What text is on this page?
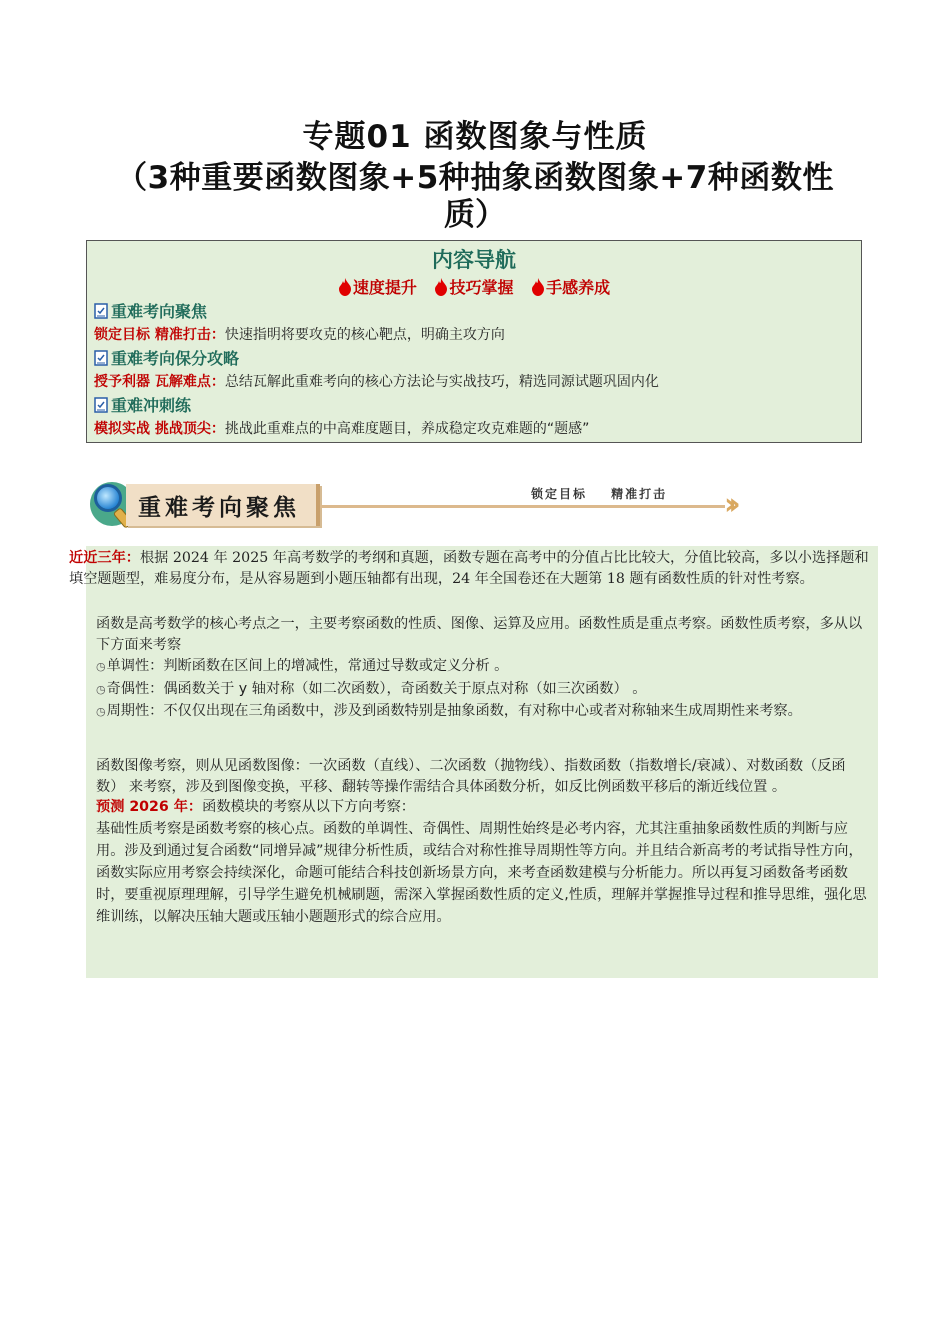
专题01 函数图象与性质
（3种重要函数图象+5种抽象函数图象+7种函数性
质）
内容导航
速度提升 技巧掌握 手感养成
重难考向聚焦
锁定目标 精准打击：快速指明将要攻克的核心靶点，明确主攻方向
重难考向保分攻略
授予利器 瓦解难点：总结瓦解此重难考向的核心方法论与实战技巧，精选同源试题巩固内化
重难冲刺练
模拟实战 挑战顶尖：挑战此重难点的中高难度题目，养成稳定攻克难题的“题感”
重难考向聚焦	锁定目标 精准打击 ››
近近三年：根据 2024 年 2025 年高考数学的考纲和真题，函数专题在高考中的分值占比比较大，分值比较高，多以小选择题和填空题题型，难易度分布，是从容易题到小题压轴都有出现，24 年全国卷还在大题第 18 题有函数性质的针对性考察。
函数是高考数学的核心考点之一，主要考察函数的性质、图像、运算及应用。函数性质是重点考察。函数性质考察，多从以下方面来考察
◷单调性：判断函数在区间上的增减性，常通过导数或定义分析 。
◷奇偶性：偶函数关于 y 轴对称（如二次函数），奇函数关于原点对称（如三次函数） 。
◷周期性：不仅仅出现在三角函数中，涉及到函数特别是抽象函数，有对称中心或者对称轴来生成周期性来考察。
函数图像考察，则从见函数图像：一次函数（直线）、二次函数（抛物线）、指数函数（指数增长/衰减）、对数函数（反函数） 来考察，涉及到图像变换，平移、翻转等操作需结合具体函数分析，如反比例函数平移后的渐近线位置 。
预测 2026 年：函数模块的考察从以下方向考察：
基础性质考察是函数考察的核心点。函数的单调性、奇偶性、周期性始终是必考内容，尤其注重抽象函数性质的判断与应用。涉及到通过复合函数“同增异减”规律分析性质，或结合对称性推导周期性等方向。并且结合新高考的考试指导性方向，函数实际应用考察会持续深化，命题可能结合科技创新场景方向，来考查函数建模与分析能力。所以再复习函数备考函数时，要重视原理理解，引导学生避免机械刷题，需深入掌握函数性质的定义,性质，理解并掌握推导过程和推导思维，强化思维训练，以解决压轴大题或压轴小题题形式的综合应用。
